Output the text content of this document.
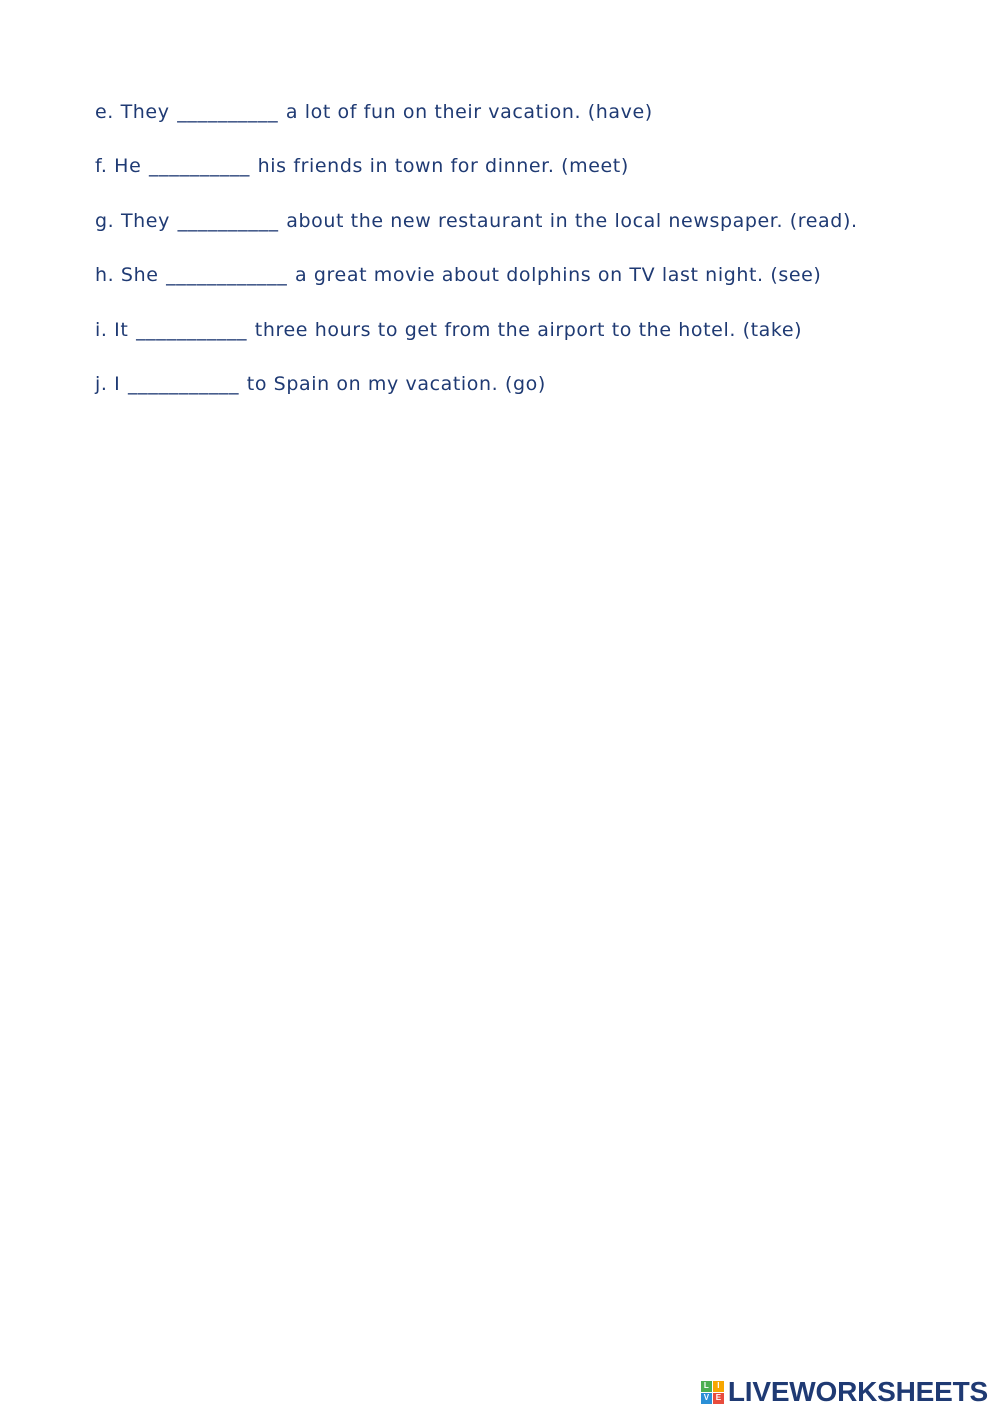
e. They __________ a lot of fun on their vacation. (have)
f. He __________ his friends in town for dinner. (meet)
g. They __________ about the new restaurant in the local newspaper. (read).
h. She ____________ a great movie about dolphins on TV last night. (see)
i. It ___________ three hours to get from the airport to the hotel. (take)
j. I ___________ to Spain on my vacation. (go)
L	I
V E LIVEWORKSHEETS
